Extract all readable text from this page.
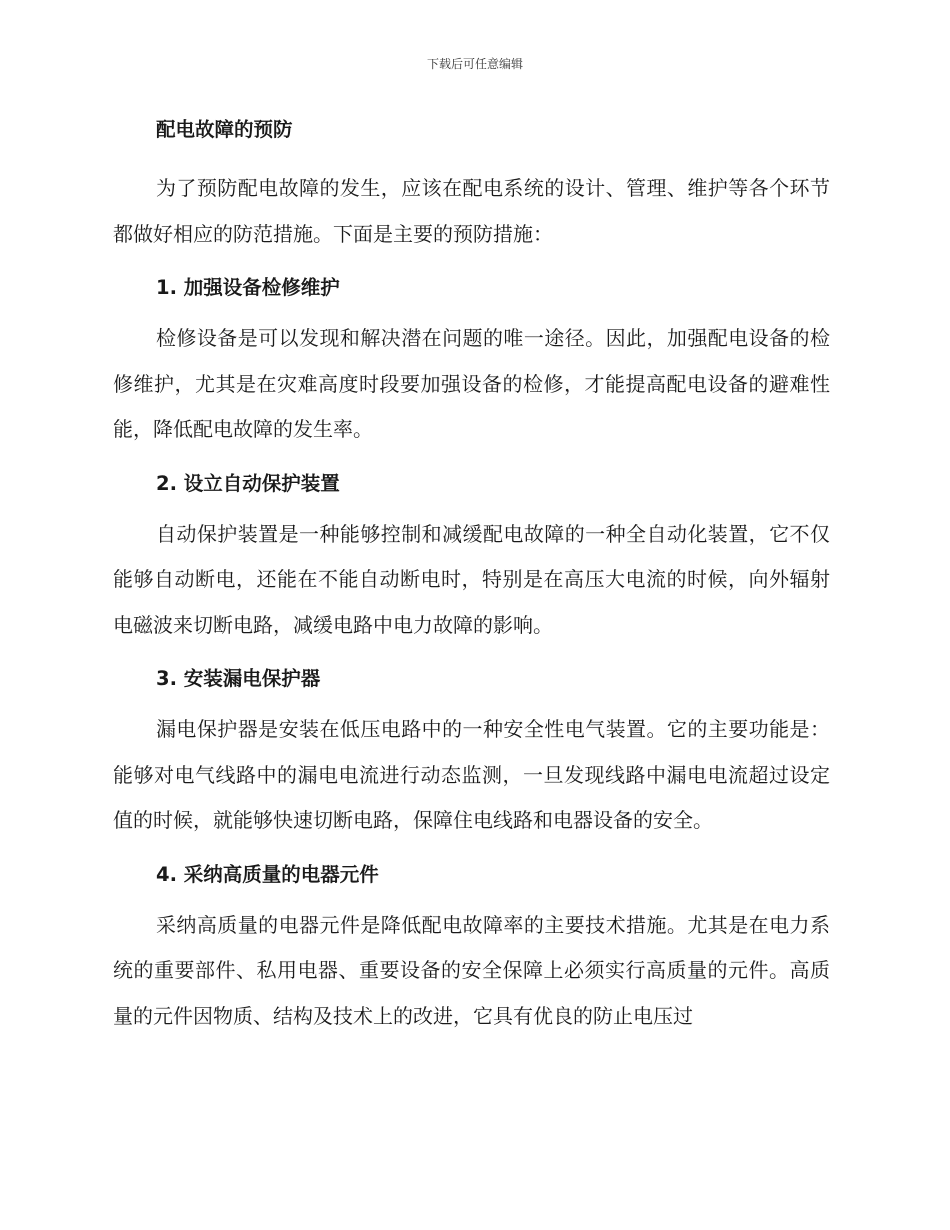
下载后可任意编辑
配电故障的预防

为了预防配电故障的发生，应该在配电系统的设计、管理、维护等各个环节都做好相应的防范措施。下面是主要的预防措施：

1. 加强设备检修维护

检修设备是可以发现和解决潜在问题的唯一途径。因此，加强配电设备的检修维护，尤其是在灾难高度时段要加强设备的检修，才能提高配电设备的避难性能，降低配电故障的发生率。

2. 设立自动保护装置

自动保护装置是一种能够控制和减缓配电故障的一种全自动化装置，它不仅能够自动断电，还能在不能自动断电时，特别是在高压大电流的时候，向外辐射电磁波来切断电路，减缓电路中电力故障的影响。

3. 安装漏电保护器

漏电保护器是安装在低压电路中的一种安全性电气装置。它的主要功能是：能够对电气线路中的漏电电流进行动态监测，一旦发现线路中漏电电流超过设定值的时候，就能够快速切断电路，保障住电线路和电器设备的安全。

4. 采纳高质量的电器元件

采纳高质量的电器元件是降低配电故障率的主要技术措施。尤其是在电力系统的重要部件、私用电器、重要设备的安全保障上必须实行高质量的元件。高质量的元件因物质、结构及技术上的改进，它具有优良的防止电压过
